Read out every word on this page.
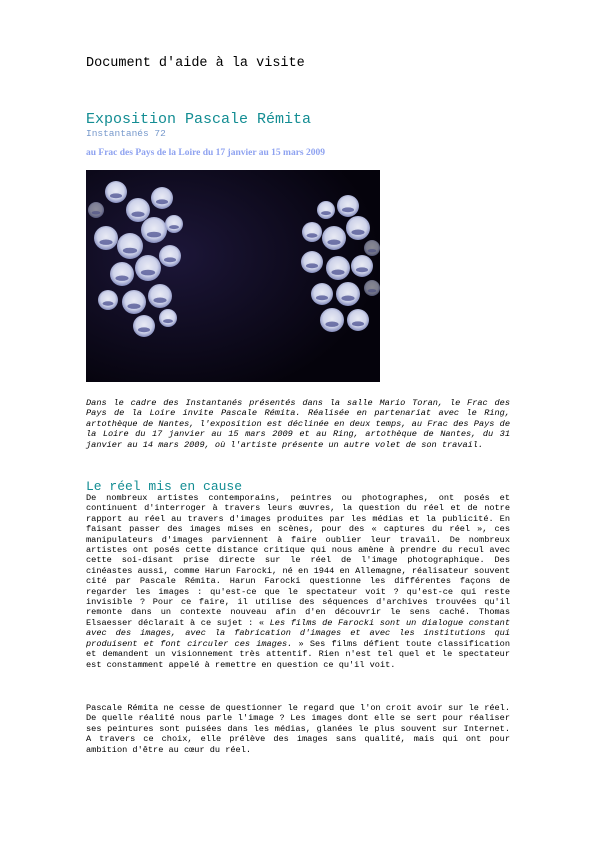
Document d'aide à la visite
Exposition Pascale Rémita
Instantanés 72
au Frac des Pays de la Loire du 17 janvier au 15 mars 2009
Dans le cadre des Instantanés présentés dans la salle Mario Toran, le Frac des Pays de la Loire invite Pascale Rémita. Réalisée en partenariat avec le Ring, artothèque de Nantes, l'exposition est déclinée en deux temps, au Frac des Pays de la Loire du 17 janvier au 15 mars 2009 et au Ring, artothèque de Nantes, du 31 janvier au 14 mars 2009, où l'artiste présente un autre volet de son travail.
Le réel mis en cause
De nombreux artistes contemporains, peintres ou photographes, ont posés et continuent d'interroger à travers leurs œuvres, la question du réel et de notre rapport au réel au travers d'images produites par les médias et la publicité. En faisant passer des images mises en scènes, pour des « captures du réel », ces manipulateurs d'images parviennent à faire oublier leur travail. De nombreux artistes ont posés cette distance critique qui nous amène à prendre du recul avec cette soi-disant prise directe sur le réel de l'image photographique. Des cinéastes aussi, comme Harun Farocki, né en 1944 en Allemagne, réalisateur souvent cité par Pascale Rémita. Harun Farocki questionne les différentes façons de regarder les images : qu'est-ce que le spectateur voit ? qu'est-ce qui reste invisible ? Pour ce faire, il utilise des séquences d'archives trouvées qu'il remonte dans un contexte nouveau afin d'en découvrir le sens caché. Thomas Elsaesser déclarait à ce sujet : « Les films de Farocki sont un dialogue constant avec des images, avec la fabrication d'images et avec les institutions qui produisent et font circuler ces images. » Ses films défient toute classification et demandent un visionnement très attentif. Rien n'est tel quel et le spectateur est constamment appelé à remettre en question ce qu'il voit.
Pascale Rémita ne cesse de questionner le regard que l'on croit avoir sur le réel. De quelle réalité nous parle l'image ? Les images dont elle se sert pour réaliser ses peintures sont puisées dans les médias, glanées le plus souvent sur Internet. A travers ce choix, elle prélève des images sans qualité, mais qui ont pour ambition d'être au cœur du réel.
